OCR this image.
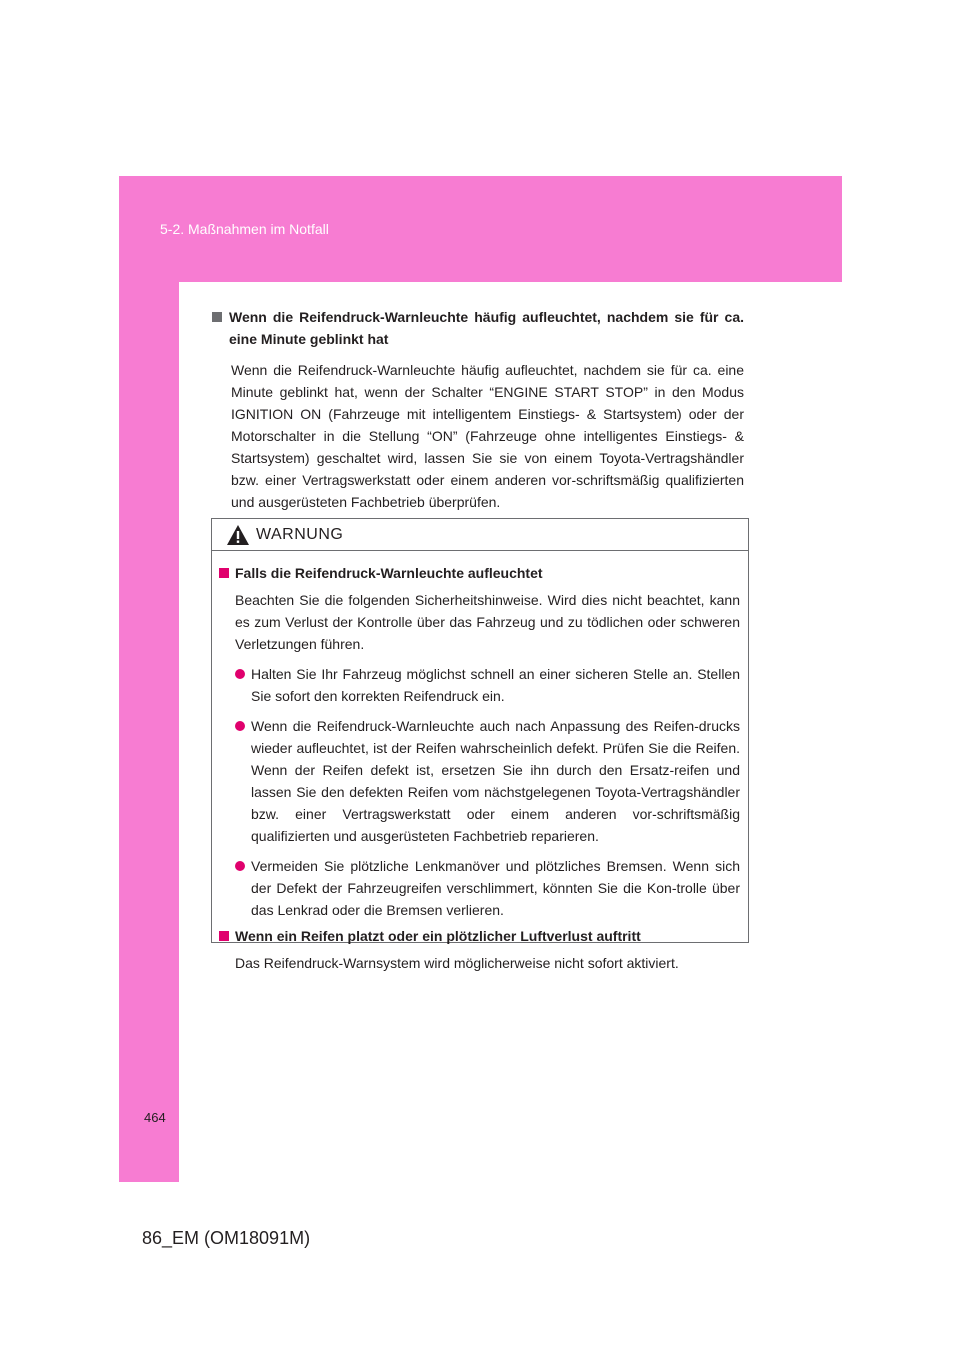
5-2. Maßnahmen im Notfall
Wenn die Reifendruck-Warnleuchte häufig aufleuchtet, nachdem sie für ca. eine Minute geblinkt hat
Wenn die Reifendruck-Warnleuchte häufig aufleuchtet, nachdem sie für ca. eine Minute geblinkt hat, wenn der Schalter “ENGINE START STOP” in den Modus IGNITION ON (Fahrzeuge mit intelligentem Einstiegs- & Startsystem) oder der Motorschalter in die Stellung “ON” (Fahrzeuge ohne intelligentes Einstiegs- & Startsystem) geschaltet wird, lassen Sie sie von einem Toyota-Vertragshändler bzw. einer Vertragswerkstatt oder einem anderen vor-schriftsmäßig qualifizierten und ausgerüsteten Fachbetrieb überprüfen.
WARNUNG
Falls die Reifendruck-Warnleuchte aufleuchtet
Beachten Sie die folgenden Sicherheitshinweise. Wird dies nicht beachtet, kann es zum Verlust der Kontrolle über das Fahrzeug und zu tödlichen oder schweren Verletzungen führen.
Halten Sie Ihr Fahrzeug möglichst schnell an einer sicheren Stelle an. Stellen Sie sofort den korrekten Reifendruck ein.
Wenn die Reifendruck-Warnleuchte auch nach Anpassung des Reifen-drucks wieder aufleuchtet, ist der Reifen wahrscheinlich defekt. Prüfen Sie die Reifen. Wenn der Reifen defekt ist, ersetzen Sie ihn durch den Ersatz-reifen und lassen Sie den defekten Reifen vom nächstgelegenen Toyota-Vertragshändler bzw. einer Vertragswerkstatt oder einem anderen vor-schriftsmäßig qualifizierten und ausgerüsteten Fachbetrieb reparieren.
Vermeiden Sie plötzliche Lenkmanöver und plötzliches Bremsen. Wenn sich der Defekt der Fahrzeugreifen verschlimmert, könnten Sie die Kon-trolle über das Lenkrad oder die Bremsen verlieren.
Wenn ein Reifen platzt oder ein plötzlicher Luftverlust auftritt
Das Reifendruck-Warnsystem wird möglicherweise nicht sofort aktiviert.
464
86_EM (OM18091M)
